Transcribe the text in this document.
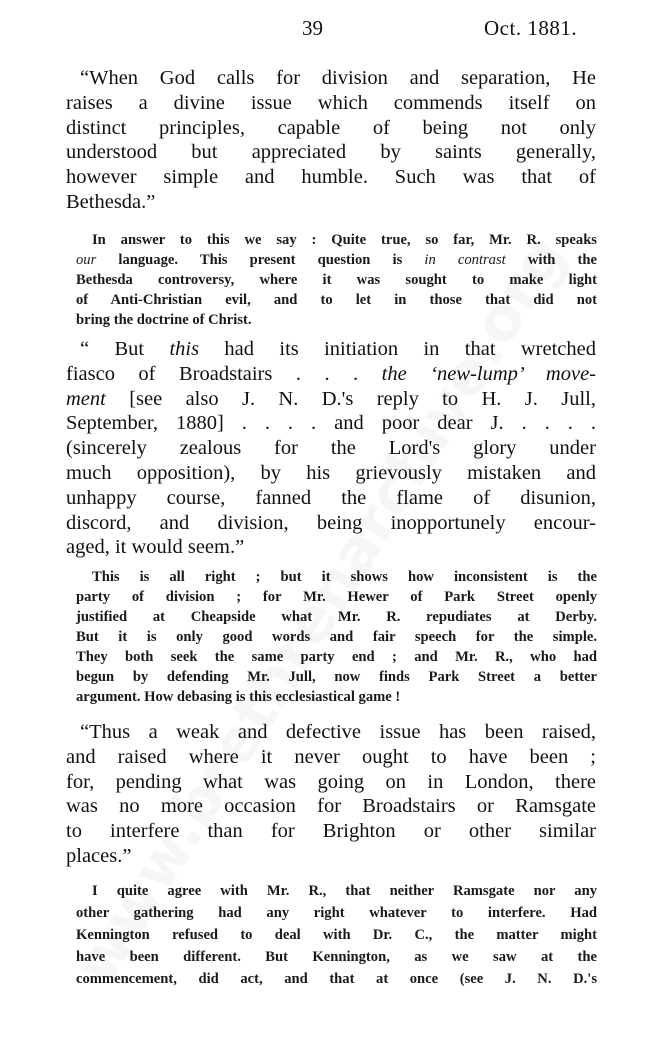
39	Oct. 1881.
“When God calls for division and separation, He
raises a divine issue which commends itself on
distinct principles, capable of being not only
understood but appreciated by saints generally,
however simple and humble. Such was that of
Bethesda.”
In answer to this we say : Quite true, so far, Mr. R. speaks
our language. This present question is in contrast with the
Bethesda controversy, where it was sought to make light
of Anti-Christian evil, and to let in those that did not
bring the doctrine of Christ.
“ But this had its initiation in that wretched
fiasco of Broadstairs . . . the ‘new-lump’ move-
ment [see also J. N. D.'s reply to H. J. Jull,
September, 1880] . . . . and poor dear J. . . . .
(sincerely zealous for the Lord's glory under
much opposition), by his grievously mistaken and
unhappy course, fanned the flame of disunion,
discord, and division, being inopportunely encour-
aged, it would seem.”
This is all right ; but it shows how inconsistent is the
party of division ; for Mr. Hewer of Park Street openly
justified at Cheapside what Mr. R. repudiates at Derby.
But it is only good words and fair speech for the simple.
They both seek the same party end ; and Mr. R., who had
begun by defending Mr. Jull, now finds Park Street a better
argument. How debasing is this ecclesiastical game !
“Thus a weak and defective issue has been raised,
and raised where it never ought to have been ;
for, pending what was going on in London, there
was no more occasion for Broadstairs or Ramsgate
to interfere than for Brighton or other similar
places.”
I quite agree with Mr. R., that neither Ramsgate nor any
other gathering had any right whatever to interfere. Had
Kennington refused to deal with Dr. C., the matter might
have been different. But Kennington, as we saw at the
commencement, did act, and that at once (see J. N. D.'s
